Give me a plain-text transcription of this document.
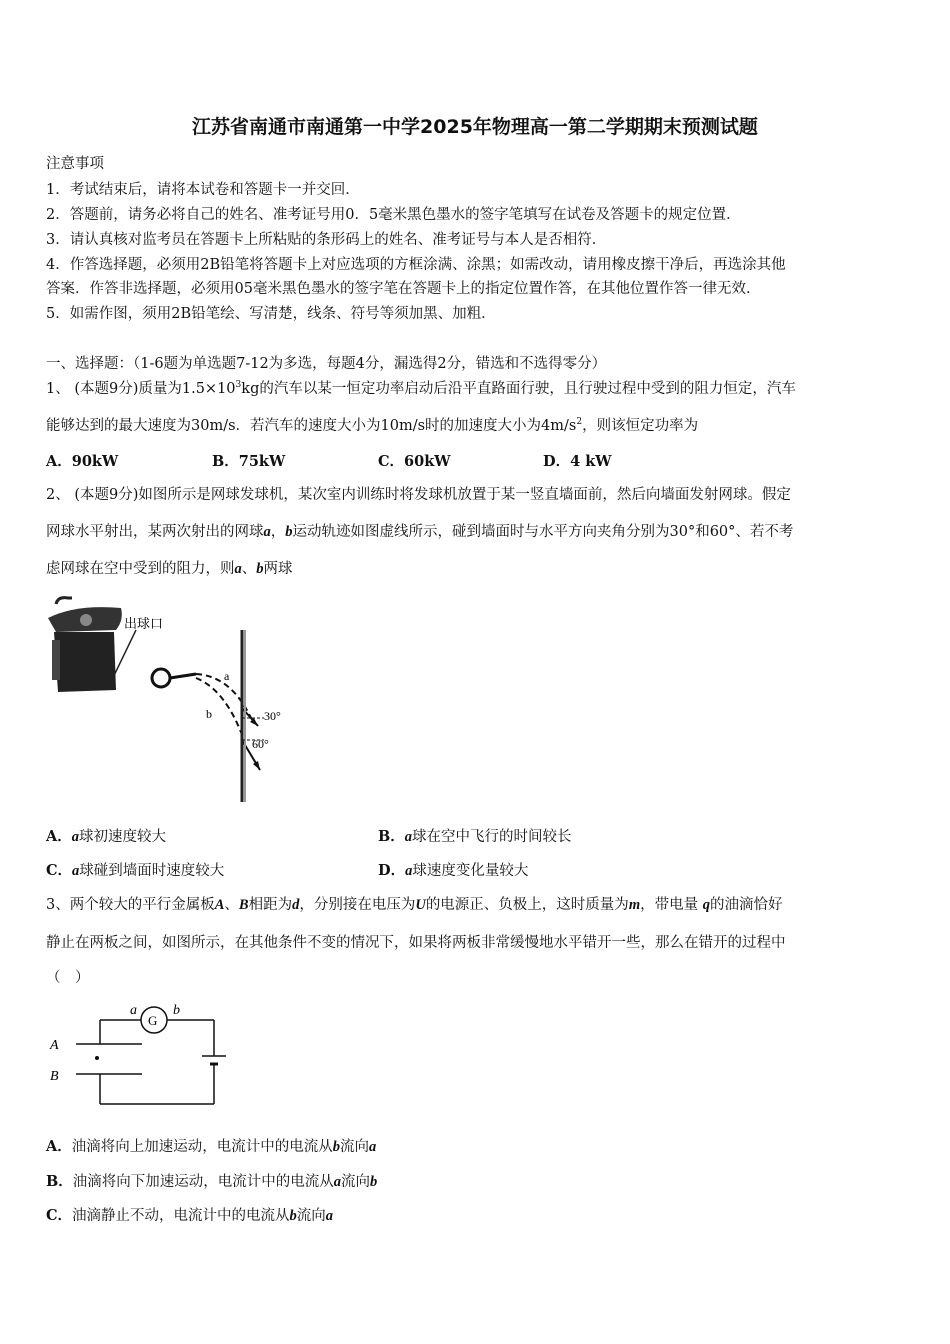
江苏省南通市南通第一中学2025年物理高一第二学期期末预测试题
注意事项
1．考试结束后，请将本试卷和答题卡一并交回．
2．答题前，请务必将自己的姓名、准考证号用0．5毫米黑色墨水的签字笔填写在试卷及答题卡的规定位置．
3．请认真核对监考员在答题卡上所粘贴的条形码上的姓名、准考证号与本人是否相符．
4．作答选择题，必须用2B铅笔将答题卡上对应选项的方框涂满、涂黑；如需改动，请用橡皮擦干净后，再选涂其他
答案．作答非选择题，必须用05毫米黑色墨水的签字笔在答题卡上的指定位置作答，在其他位置作答一律无效．
5．如需作图，须用2B铅笔绘、写清楚，线条、符号等须加黑、加粗．
一、选择题：（1-6题为单选题7-12为多选，每题4分，漏选得2分，错选和不选得零分）
1、 (本题9分)质量为$1.5\times 10^3kg$的汽车以某一恒定功率启动后沿平直路面行驶，且行驶过程中受到的阻力恒定，汽车
能够达到的最大速度为30m/s．若汽车的速度大小为10m/s时的加速度大小为$4m/s^2$，则该恒定功率为
A．90kW	B．75kW	C．60kW	D．4 kW
2、 (本题9分)如图所示是网球发球机，某次室内训练时将发球机放置于某一竖直墙面前，然后向墙面发射网球。假定
网球水平射出，某两次射出的网球a，b运动轨迹如图虚线所示，碰到墙面时与水平方向夹角分别为30°和60°、若不考
虑网球在空中受到的阻力，则a、b两球
出球口
a
b	30°
60°
A．a球初速度较大	B．a球在空中飞行的时间较长
C．a球碰到墙面时速度较大	D．a球速度变化量较大
3、两个较大的平行金属板A、B相距为d，分别接在电压为U的电源正、负极上，这时质量为m，带电量 q的油滴恰好
静止在两板之间，如图所示，在其他条件不变的情况下，如果将两板非常缓慢地水平错开一些，那么在错开的过程中
（　）
a	b
G
A
B
A．油滴将向上加速运动，电流计中的电流从b流向a
B．油滴将向下加速运动，电流计中的电流从a流向b
C．油滴静止不动，电流计中的电流从b流向a
